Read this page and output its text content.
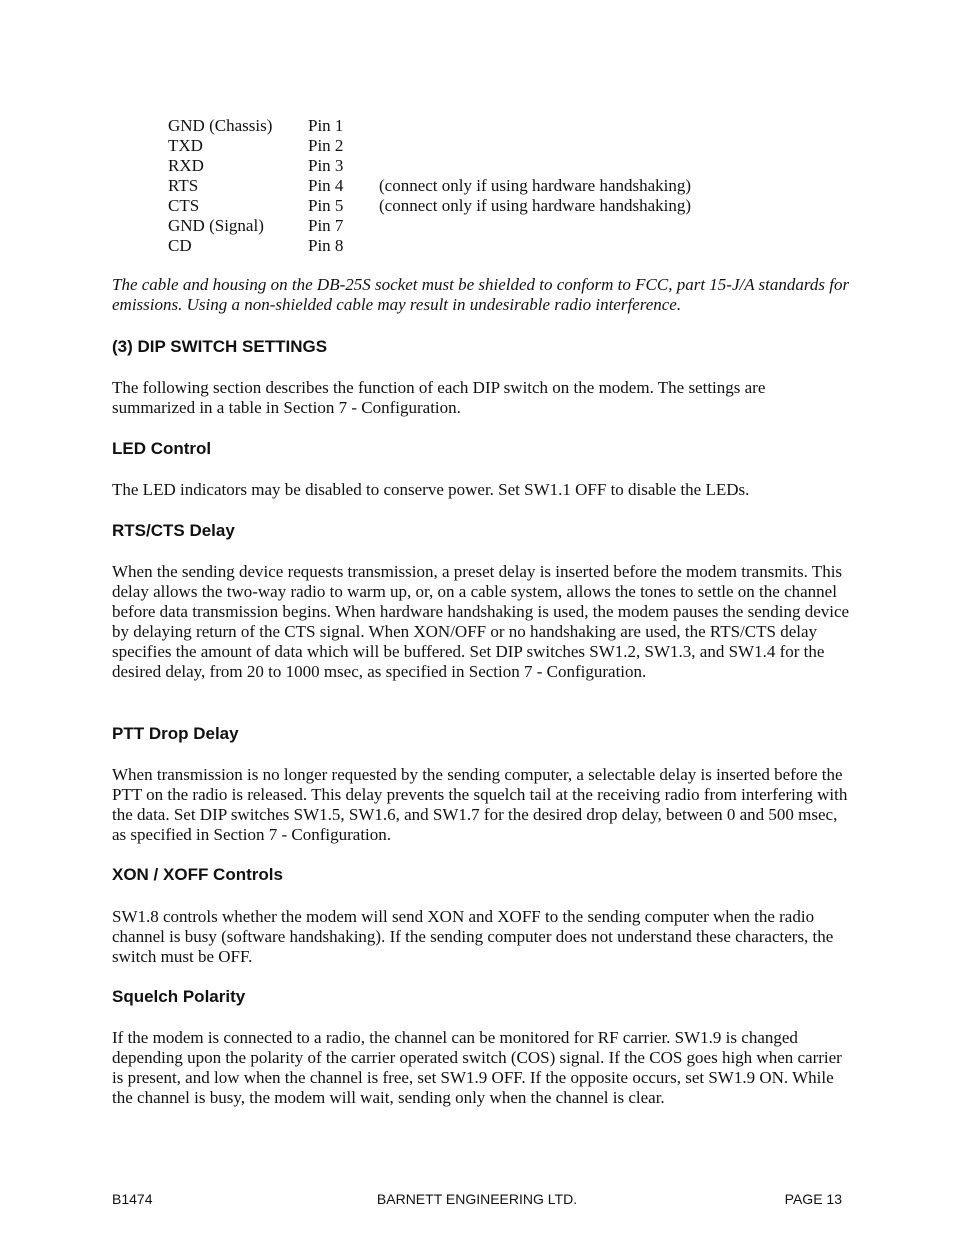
GND (Chassis) Pin 1
TXD	Pin 2
RXD	Pin 3
RTS	Pin 4 (connect only if using hardware handshaking)
CTS	Pin 5 (connect only if using hardware handshaking)
GND (Signal)	Pin 7
CD	Pin 8

The cable and housing on the DB-25S socket must be shielded to conform to FCC, part 15-J/A standards for emissions. Using a non-shielded cable may result in undesirable radio interference.

(3) DIP SWITCH SETTINGS

The following section describes the function of each DIP switch on the modem. The settings are summarized in a table in Section 7 - Configuration.

LED Control

The LED indicators may be disabled to conserve power. Set SW1.1 OFF to disable the LEDs.

RTS/CTS Delay

When the sending device requests transmission, a preset delay is inserted before the modem transmits. This delay allows the two-way radio to warm up, or, on a cable system, allows the tones to settle on the channel before data transmission begins. When hardware handshaking is used, the modem pauses the sending device by delaying return of the CTS signal. When XON/OFF or no handshaking are used, the RTS/CTS delay specifies the amount of data which will be buffered. Set DIP switches SW1.2, SW1.3, and SW1.4 for the desired delay, from 20 to 1000 msec, as specified in Section 7 - Configuration.

PTT Drop Delay

When transmission is no longer requested by the sending computer, a selectable delay is inserted before the PTT on the radio is released. This delay prevents the squelch tail at the receiving radio from interfering with the data. Set DIP switches SW1.5, SW1.6, and SW1.7 for the desired drop delay, between 0 and 500 msec, as specified in Section 7 - Configuration.

XON / XOFF Controls

SW1.8 controls whether the modem will send XON and XOFF to the sending computer when the radio channel is busy (software handshaking). If the sending computer does not understand these characters, the switch must be OFF.

Squelch Polarity

If the modem is connected to a radio, the channel can be monitored for RF carrier. SW1.9 is changed depending upon the polarity of the carrier operated switch (COS) signal. If the COS goes high when carrier is present, and low when the channel is free, set SW1.9 OFF. If the opposite occurs, set SW1.9 ON. While the channel is busy, the modem will wait, sending only when the channel is clear.

B1474	BARNETT ENGINEERING LTD.	PAGE 13
